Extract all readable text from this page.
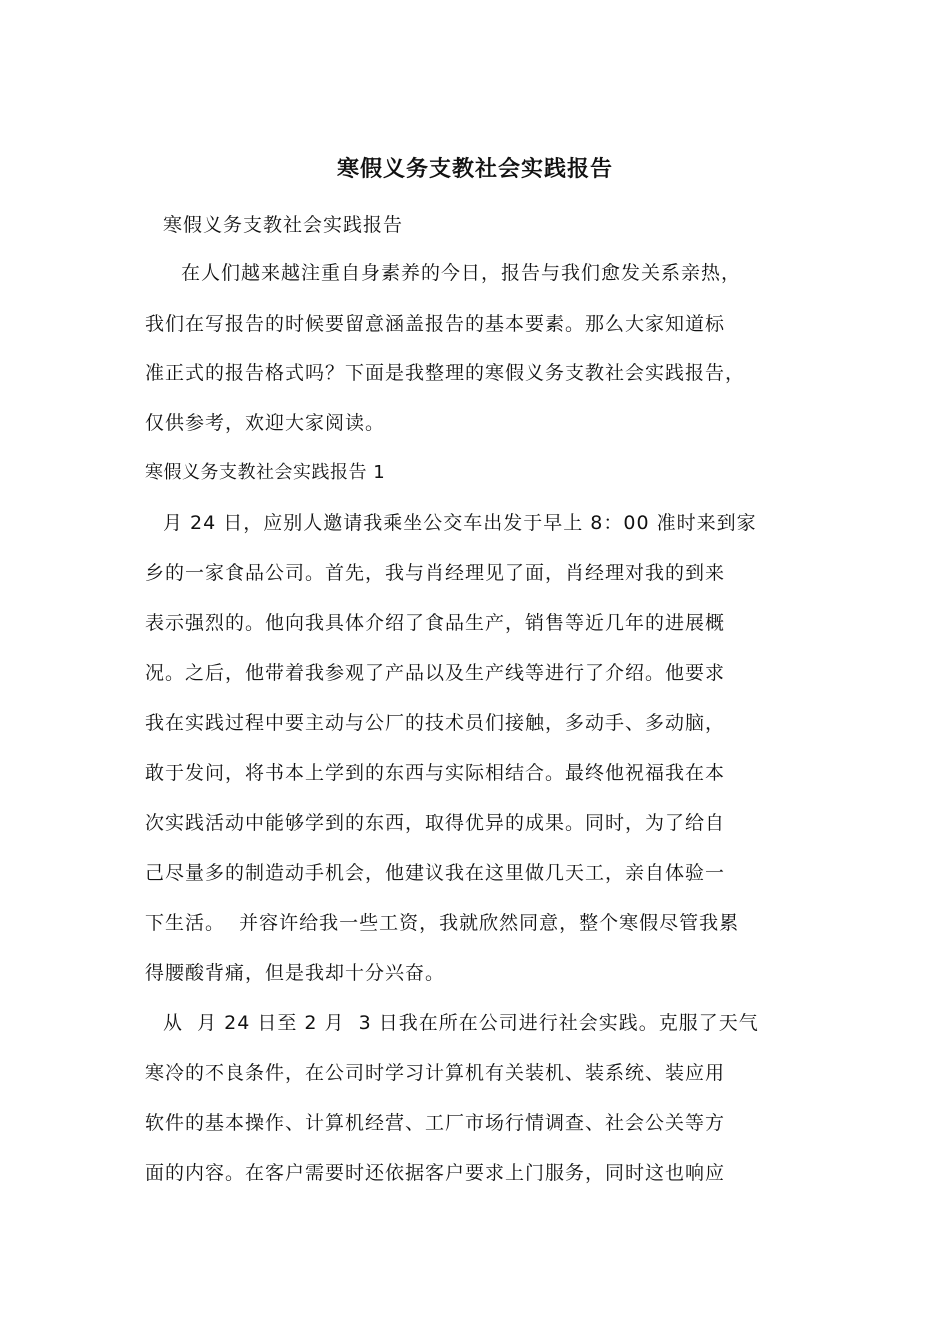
寒假义务支教社会实践报告
寒假义务支教社会实践报告
在人们越来越注重自身素养的今日，报告与我们愈发关系亲热，
我们在写报告的时候要留意涵盖报告的基本要素。那么大家知道标
准正式的报告格式吗？下面是我整理的寒假义务支教社会实践报告，
仅供参考，欢迎大家阅读。
寒假义务支教社会实践报告 1
月 24 日，应别人邀请我乘坐公交车出发于早上 8：00 准时来到家
乡的一家食品公司。首先，我与肖经理见了面，肖经理对我的到来
表示强烈的。他向我具体介绍了食品生产，销售等近几年的进展概
况。之后，他带着我参观了产品以及生产线等进行了介绍。他要求
我在实践过程中要主动与公厂的技术员们接触，多动手、多动脑，
敢于发问，将书本上学到的东西与实际相结合。最终他祝福我在本
次实践活动中能够学到的东西，取得优异的成果。同时，为了给自
己尽量多的制造动手机会，他建议我在这里做几天工，亲自体验一
下生活。  并容许给我一些工资，我就欣然同意，整个寒假尽管我累
得腰酸背痛，但是我却十分兴奋。
从  月 24 日至 2 月  3 日我在所在公司进行社会实践。克服了天气
寒冷的不良条件，在公司时学习计算机有关装机、装系统、装应用
软件的基本操作、计算机经营、工厂市场行情调查、社会公关等方
面的内容。在客户需要时还依据客户要求上门服务，同时这也响应
